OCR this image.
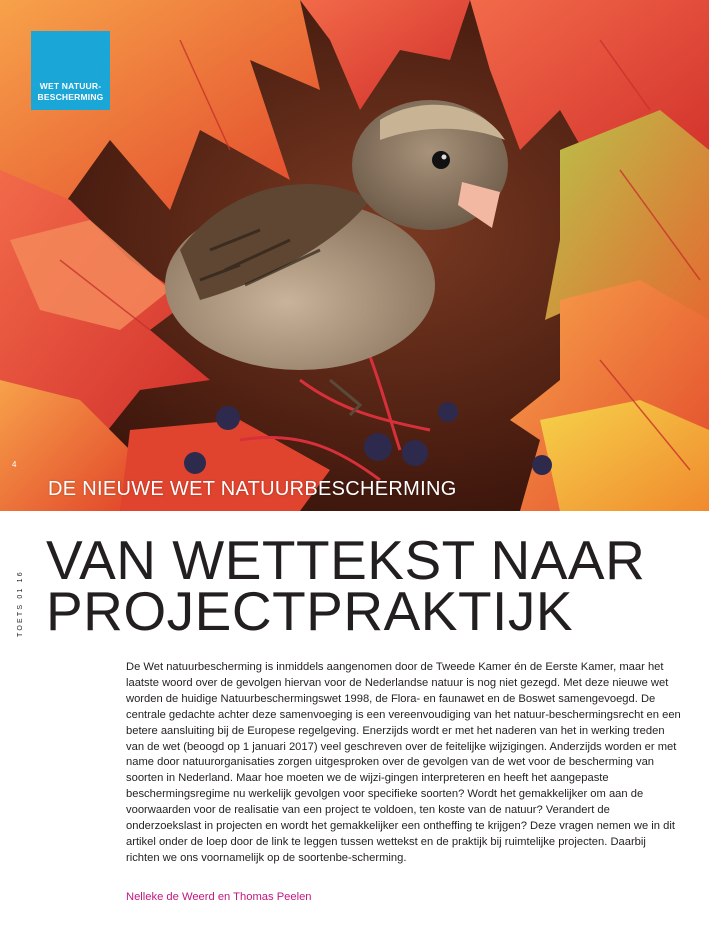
WET NATUUR-
BESCHERMING
4
DE NIEUWE WET NATUURBESCHERMING
TOETS 01 16
VAN WETTEKST NAAR
PROJECTPRAKTIJK

De Wet natuurbescherming is inmiddels aangenomen door de Tweede Kamer én de Eerste Kamer, maar het laatste woord over de gevolgen hiervan voor de Nederlandse natuur is nog niet gezegd. Met deze nieuwe wet worden de huidige Natuurbeschermingswet 1998, de Flora- en faunawet en de Boswet samengevoegd. De centrale gedachte achter deze samenvoeging is een vereenvoudiging van het natuur-beschermingsrecht en een betere aansluiting bij de Europese regelgeving. Enerzijds wordt er met het naderen van het in werking treden van de wet (beoogd op 1 januari 2017) veel geschreven over de feitelijke wijzigingen. Anderzijds worden er met name door natuurorganisaties zorgen uitgesproken over de gevolgen van de wet voor de bescherming van soorten in Nederland. Maar hoe moeten we de wijzi-gingen interpreteren en heeft het aangepaste beschermingsregime nu werkelijk gevolgen voor specifieke soorten? Wordt het gemakkelijker om aan de voorwaarden voor de realisatie van een project te voldoen, ten koste van de natuur? Verandert de onderzoekslast in projecten en wordt het gemakkelijker een ontheffing te krijgen? Deze vragen nemen we in dit artikel onder de loep door de link te leggen tussen wettekst en de praktijk bij ruimtelijke projecten. Daarbij richten we ons voornamelijk op de soortenbe-scherming.

Nelleke de Weerd en Thomas Peelen
